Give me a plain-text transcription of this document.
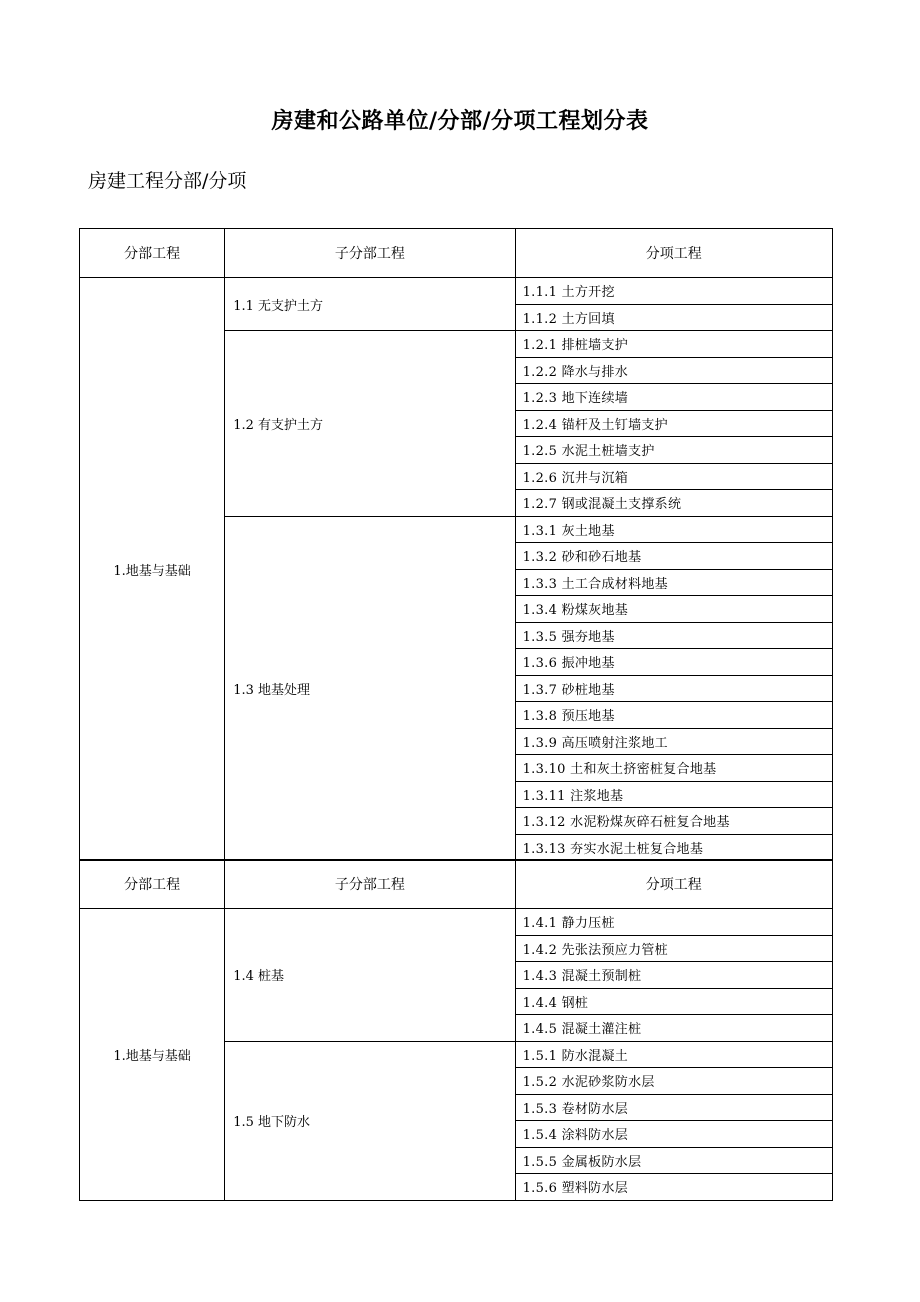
房建和公路单位/分部/分项工程划分表
房建工程分部/分项
分部工程	子分部工程	分项工程
1.地基与基础	1.1 无支护土方	1.1.1 土方开挖
		1.1.2 土方回填
	1.2 有支护土方	1.2.1 排桩墙支护
		1.2.2 降水与排水
		1.2.3 地下连续墙
		1.2.4 锚杆及土钉墙支护
		1.2.5 水泥土桩墙支护
		1.2.6 沉井与沉箱
		1.2.7 钢或混凝土支撑系统
	1.3 地基处理	1.3.1 灰土地基
		1.3.2 砂和砂石地基
		1.3.3 土工合成材料地基
		1.3.4 粉煤灰地基
		1.3.5 强夯地基
		1.3.6 振冲地基
		1.3.7 砂桩地基
		1.3.8 预压地基
		1.3.9 高压喷射注浆地工
		1.3.10 土和灰土挤密桩复合地基
		1.3.11 注浆地基
		1.3.12 水泥粉煤灰碎石桩复合地基
		1.3.13 夯实水泥土桩复合地基
分部工程	子分部工程	分项工程
1.地基与基础	1.4 桩基	1.4.1 静力压桩
		1.4.2 先张法预应力管桩
		1.4.3 混凝土预制桩
		1.4.4 钢桩
		1.4.5 混凝土灌注桩
	1.5 地下防水	1.5.1 防水混凝土
		1.5.2 水泥砂浆防水层
		1.5.3 卷材防水层
		1.5.4 涂料防水层
		1.5.5 金属板防水层
		1.5.6 塑料防水层
